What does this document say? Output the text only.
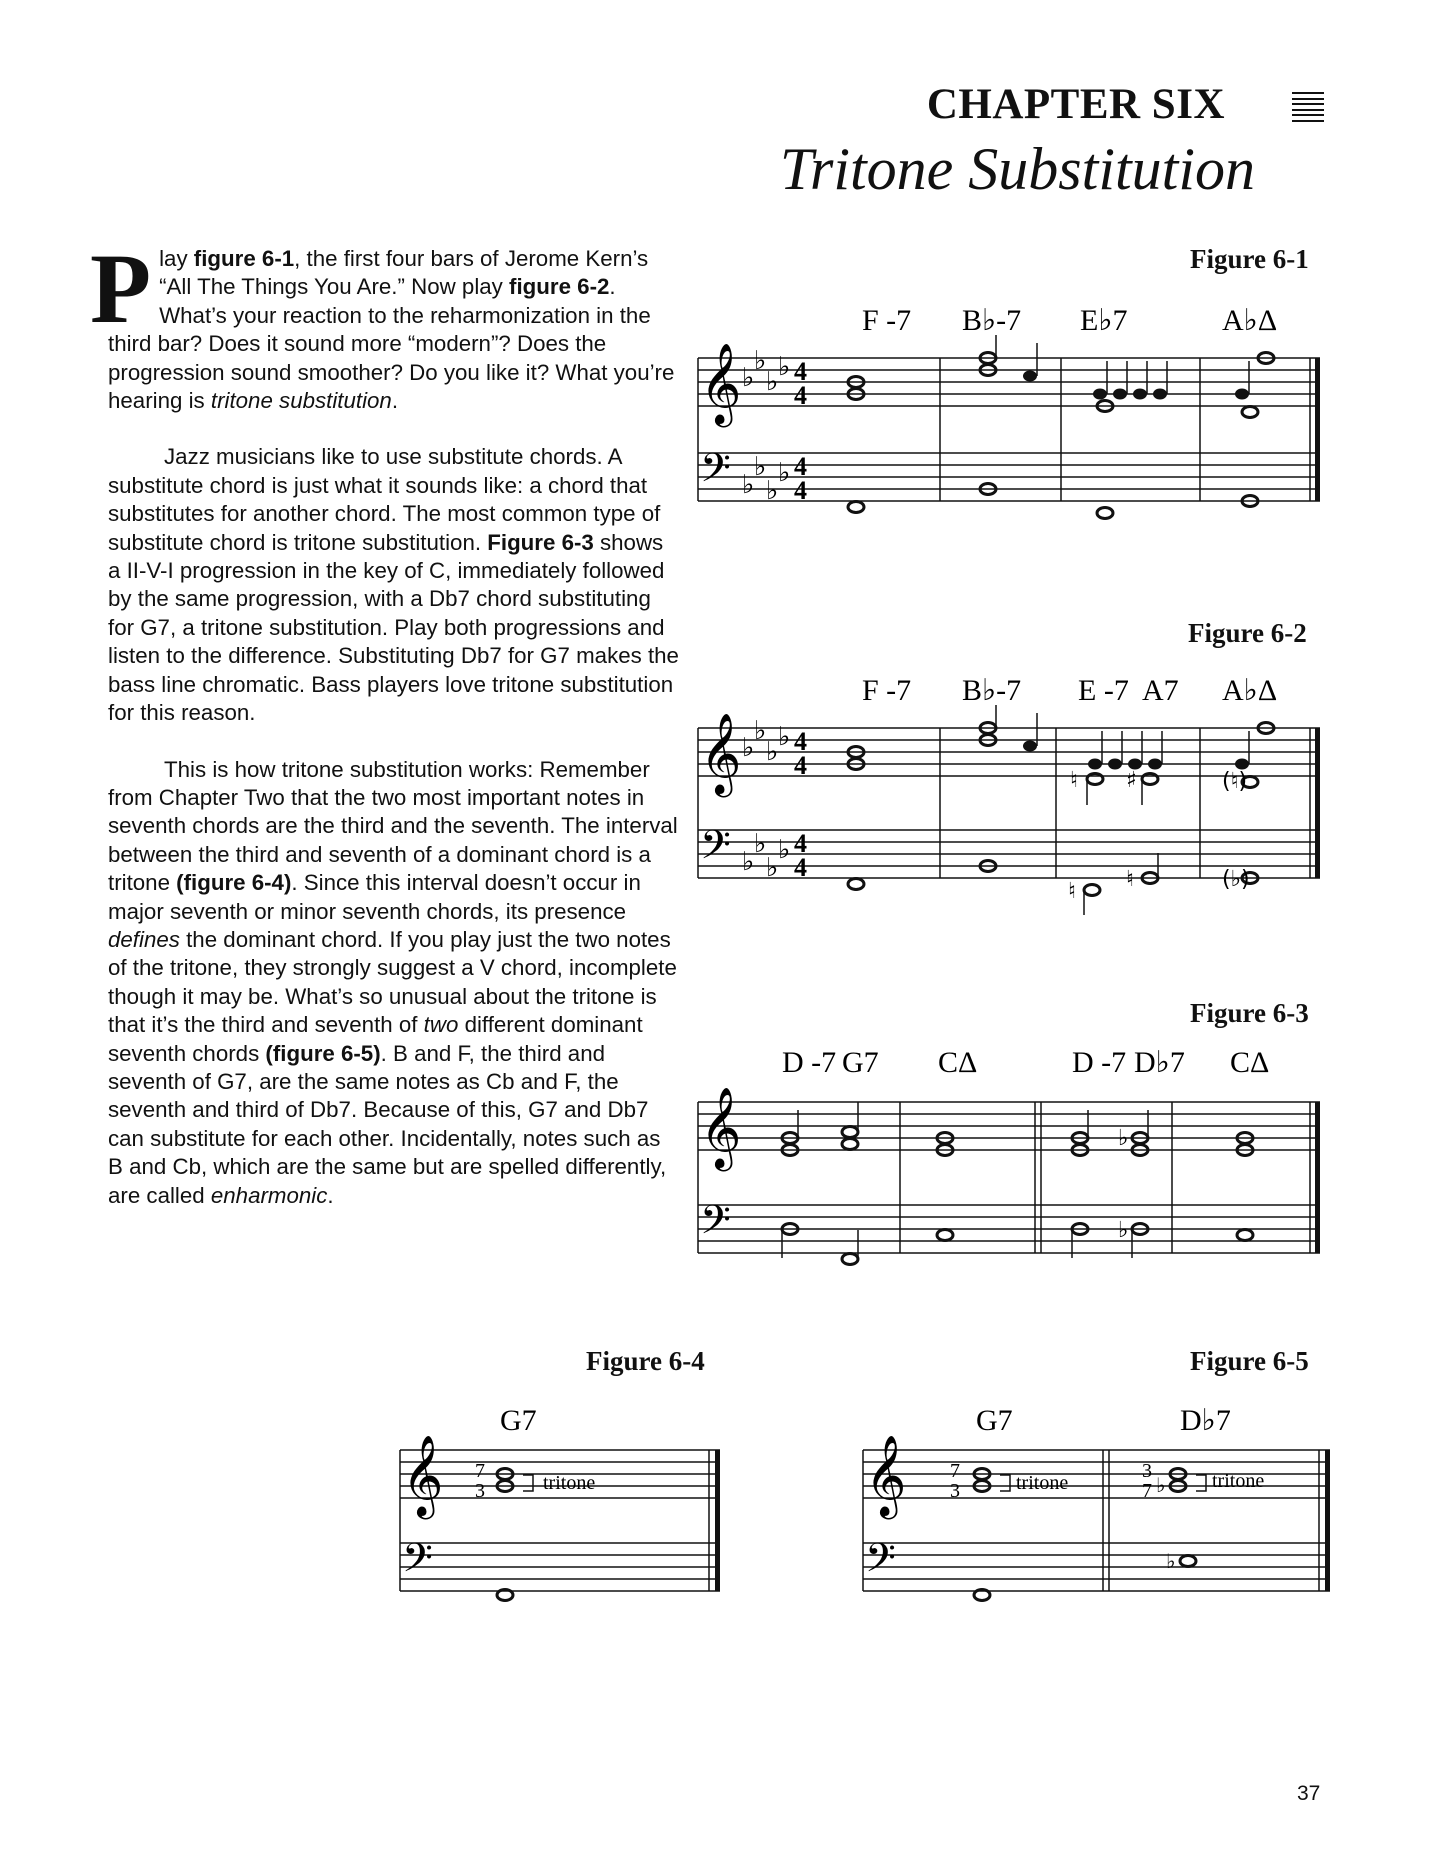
CHAPTER SIX
Tritone Substitution

P lay figure 6-1, the first four bars of Jerome Kern’s “All The Things You Are.” Now play figure 6-2. What’s your reaction to the reharmonization in the third bar? Does it sound more “modern”? Does the progression sound smoother? Do you like it? What you’re hearing is tritone substitution.

Jazz musicians like to use substitute chords. A substitute chord is just what it sounds like: a chord that substitutes for another chord. The most common type of substitute chord is tritone substitution. Figure 6-3 shows a II-V-I progression in the key of C, immediately followed by the same progression, with a Db7 chord substituting for G7, a tritone substitution. Play both progressions and listen to the difference. Substituting Db7 for G7 makes the bass line chromatic. Bass players love tritone substitution for this reason.

This is how tritone substitution works: Remember from Chapter Two that the two most important notes in seventh chords are the third and the seventh. The interval between the third and seventh of a dominant chord is a tritone (figure 6-4). Since this interval doesn’t occur in major seventh or minor seventh chords, its presence defines the dominant chord. If you play just the two notes of the tritone, they strongly suggest a V chord, incomplete though it may be. What’s so unusual about the tritone is that it’s the third and seventh of two different dominant seventh chords (figure 6-5). B and F, the third and seventh of G7, are the same notes as Cb and F, the seventh and third of Db7. Because of this, G7 and Db7 can substitute for each other. Incidentally, notes such as B and Cb, which are the same but are spelled differently, are called enharmonic.

Figure 6-1
Figure 6-2
Figure 6-3
Figure 6-4	Figure 6-5
F -7 B♭-7 E♭7	A♭Δ
𝄞
𝄢
♭
♭
♭ ♭
♭
♭
♭
♭
4
4
4
4
F -7 B♭-7 E -7 A7 A♭Δ
𝄞
𝄢
♭
♭
♭ ♭
♭
♭
♭
♭
4
4
4
4
♮ ♯	(♮)
♮ ♮	(♭)
D -7 G7 CΔ	D -7 D♭7 CΔ
𝄞
𝄢
♭
♭
G7
𝄞
𝄢
7
3	tritone
G7	D♭7
𝄞
𝄢
7
3
3
7 ♭
♭
tritone	tritone
37
